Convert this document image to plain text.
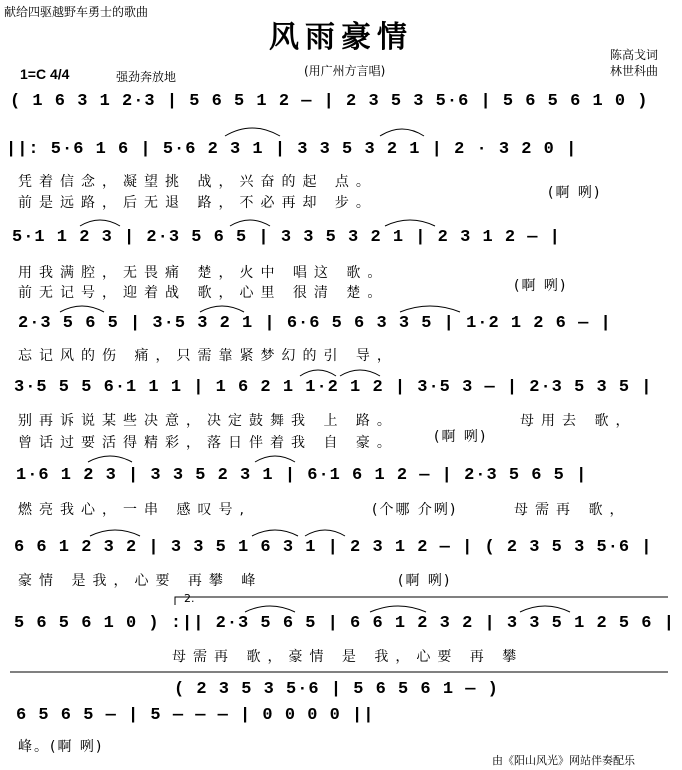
献给四驱越野车勇士的歌曲
风雨豪情	陈高戈词
林世科曲
1=C 4/4	强劲奔放地	(用广州方言唱)
( 1 6 3 1 2·3 | 5 6 5 1 2 — | 2 3 5 3 5·6 | 5 6 5 6 1 0 )
||: 5·6 1 6 | 5·6 2 3 1 | 3 3 5 3 2 1 | 2 · 3 2 0 |
凭着信念，凝望挑 战，兴奋的起 点。
前是远路，后无退 路，不必再却 步。
(啊 咧)
5·1 1 2 3 | 2·3 5 6 5 | 3 3 5 3 2 1 | 2 3 1 2 — |
用我满腔，无畏痛 楚，火中 唱这 歌。
前无记号，迎着战 歌，心里 很清 楚。	(啊 咧)
2·3 5 6 5 | 3·5 3 2 1 | 6·6 5 6 3 3 5 | 1·2 1 2 6 — |
忘记风的伤 痛，只需靠紧梦幻的引 导，
3·5 5 5 6·1 1 1 | 1 6 2 1 1·2 1 2 | 3·5 3 — | 2·3 5 3 5 |
别再诉说某些决意，决定鼓舞我 上 路。
曾话过要活得精彩，落日伴着我 自 豪。	(啊 咧)
母用去 歌，
1·6 1 2 3 | 3 3 5 2 3 1 | 6·1 6 1 2 — | 2·3 5 6 5 |
燃亮我心，一串 感叹号,	(个哪 介咧)	母需再 歌，
6 6 1 2 3 2 | 3 3 5 1 6 3 1 | 2 3 1 2 — | ( 2 3 5 3 5·6 |
豪情 是我，心要 再攀 峰	(啊 咧)
2.
5 6 5 6 1 0 ) :|| 2·3 5 6 5 | 6 6 1 2 3 2 | 3 3 5 1 2 5 6 |
母需再 歌，豪情 是 我，心要 再 攀
( 2 3 5 3 5·6 | 5 6 5 6 1 — )
6 5 6 5 — | 5 — — — | 0 0 0 0 ||
峰。(啊 咧)
由《阳山风光》网站伴奏配乐
